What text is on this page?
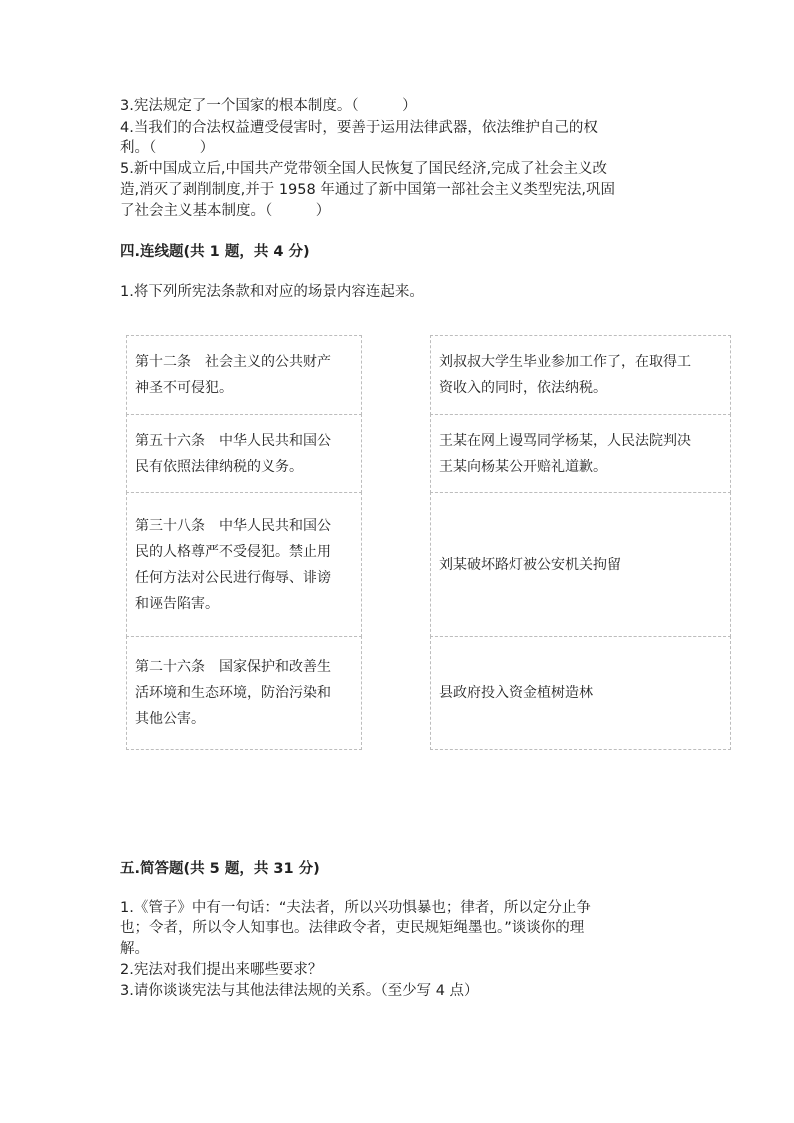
3.宪法规定了一个国家的根本制度。（　　　）
4.当我们的合法权益遭受侵害时，要善于运用法律武器，依法维护自己的权
利。（　　　）
5.新中国成立后,中国共产党带领全国人民恢复了国民经济,完成了社会主义改
造,消灭了剥削制度,并于 1958 年通过了新中国第一部社会主义类型宪法,巩固
了社会主义基本制度。（　　　）
四.连线题(共 1 题，共 4 分)
1.将下列所宪法条款和对应的场景内容连起来。
第十二条　社会主义的公共财产
神圣不可侵犯。
第五十六条　中华人民共和国公
民有依照法律纳税的义务。
第三十八条　中华人民共和国公
民的人格尊严不受侵犯。禁止用
任何方法对公民进行侮辱、诽谤
和诬告陷害。
第二十六条　国家保护和改善生
活环境和生态环境，防治污染和
其他公害。
刘叔叔大学生毕业参加工作了，在取得工
资收入的同时，依法纳税。
王某在网上谩骂同学杨某，人民法院判决
王某向杨某公开赔礼道歉。
刘某破坏路灯被公安机关拘留
县政府投入资金植树造林
五.简答题(共 5 题，共 31 分)
1.《管子》中有一句话：“夫法者，所以兴功惧暴也；律者，所以定分止争
也；令者，所以令人知事也。法律政令者，吏民规矩绳墨也。”谈谈你的理
解。
2.宪法对我们提出来哪些要求？
3.请你谈谈宪法与其他法律法规的关系。（至少写 4 点）
